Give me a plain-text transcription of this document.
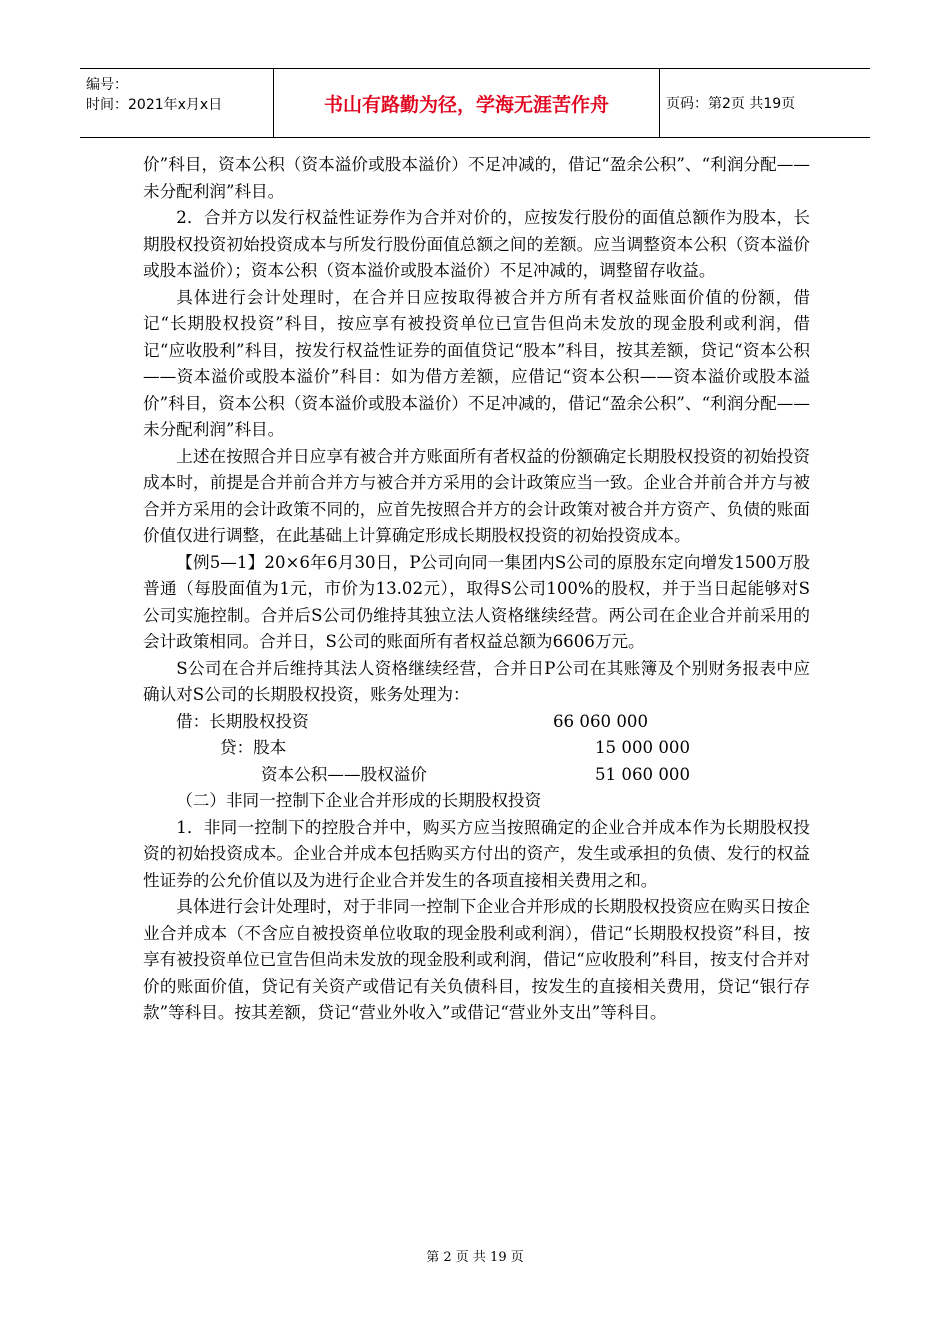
编号：
时间：2021年x月x日	书山有路勤为径，学海无涯苦作舟	页码：第2页 共19页

价”科目，资本公积（资本溢价或股本溢价）不足冲减的，借记“盈余公积”、“利润分配——未分配利润”科目。

2．合并方以发行权益性证券作为合并对价的，应按发行股份的面值总额作为股本，长期股权投资初始投资成本与所发行股份面值总额之间的差额。应当调整资本公积（资本溢价或股本溢价）；资本公积（资本溢价或股本溢价）不足冲减的，调整留存收益。

具体进行会计处理时，在合并日应按取得被合并方所有者权益账面价值的份额，借记“长期股权投资”科目，按应享有被投资单位已宣告但尚未发放的现金股利或利润，借记“应收股利”科目，按发行权益性证券的面值贷记“股本”科目，按其差额，贷记“资本公积——资本溢价或股本溢价”科目：如为借方差额，应借记“资本公积——资本溢价或股本溢价”科目，资本公积（资本溢价或股本溢价）不足冲减的，借记“盈余公积”、“利润分配——未分配利润”科目。

上述在按照合并日应享有被合并方账面所有者权益的份额确定长期股权投资的初始投资成本时，前提是合并前合并方与被合并方采用的会计政策应当一致。企业合并前合并方与被合并方采用的会计政策不同的，应首先按照合并方的会计政策对被合并方资产、负债的账面价值仅进行调整，在此基础上计算确定形成长期股权投资的初始投资成本。

【例5—1】20×6年6月30日，P公司向同一集团内S公司的原股东定向增发1500万股普通（每股面值为1元，市价为13.02元），取得S公司100%的股权，并于当日起能够对S公司实施控制。合并后S公司仍维持其独立法人资格继续经营。两公司在企业合并前采用的会计政策相同。合并日，S公司的账面所有者权益总额为6606万元。

S公司在合并后维持其法人资格继续经营，合并日P公司在其账簿及个别财务报表中应确认对S公司的长期股权投资，账务处理为：

借：长期股权投资	66 060 000
贷：股本	15 000 000
资本公积——股权溢价	51 060 000

（二）非同一控制下企业合并形成的长期股权投资

1．非同一控制下的控股合并中，购买方应当按照确定的企业合并成本作为长期股权投资的初始投资成本。企业合并成本包括购买方付出的资产，发生或承担的负债、发行的权益性证券的公允价值以及为进行企业合并发生的各项直接相关费用之和。

具体进行会计处理时，对于非同一控制下企业合并形成的长期股权投资应在购买日按企业合并成本（不含应自被投资单位收取的现金股利或利润），借记“长期股权投资”科目，按享有被投资单位已宣告但尚未发放的现金股利或利润，借记“应收股利”科目，按支付合并对价的账面价值，贷记有关资产或借记有关负债科目，按发生的直接相关费用，贷记“银行存款”等科目。按其差额，贷记“营业外收入”或借记“营业外支出”等科目。

第 2 页 共 19 页
